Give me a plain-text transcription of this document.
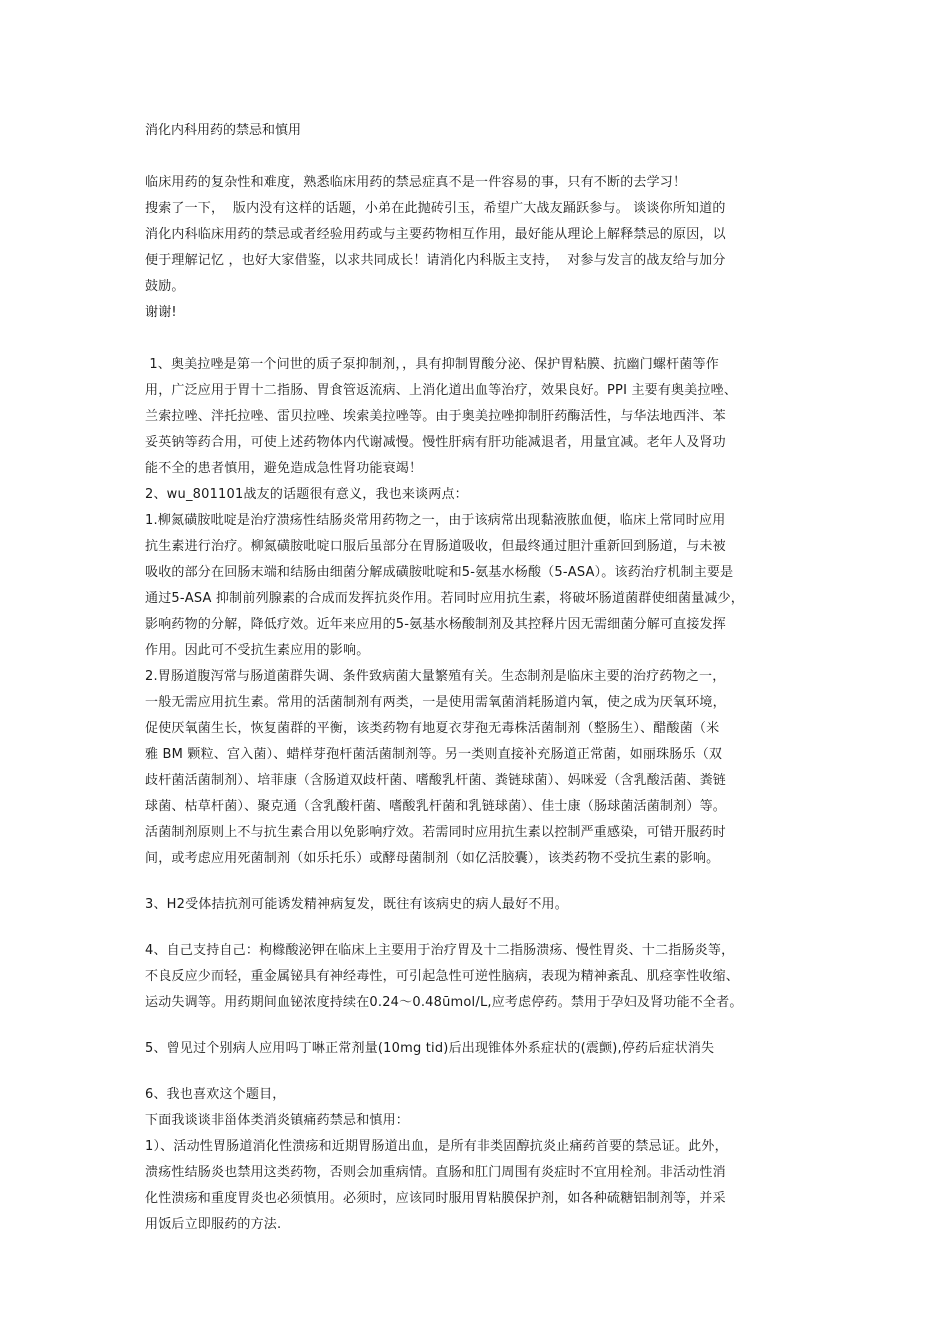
消化内科用药的禁忌和慎用

临床用药的复杂性和难度，熟悉临床用药的禁忌症真不是一件容易的事，只有不断的去学习！

搜索了一下，  版内没有这样的话题，小弟在此抛砖引玉，希望广大战友踊跃参与。 谈谈你所知道的

消化内科临床用药的禁忌或者经验用药或与主要药物相互作用，最好能从理论上解释禁忌的原因，以

便于理解记忆 ，也好大家借鉴，以求共同成长！请消化内科版主支持，  对参与发言的战友给与加分

鼓励。

谢谢!

1、奥美拉唑是第一个问世的质子泵抑制剂，，具有抑制胃酸分泌、保护胃粘膜、抗幽门螺杆菌等作

用，广泛应用于胃十二指肠、胃食管返流病、上消化道出血等治疗，效果良好。PPI 主要有奥美拉唑、

兰索拉唑、泮托拉唑、雷贝拉唑、埃索美拉唑等。由于奥美拉唑抑制肝药酶活性，与华法地西泮、苯

妥英钠等药合用，可使上述药物体内代谢减慢。慢性肝病有肝功能减退者，用量宜减。老年人及肾功

能不全的患者慎用，避免造成急性肾功能衰竭！

2、wu_801101战友的话题很有意义，我也来谈两点：

1.柳氮磺胺吡啶是治疗溃疡性结肠炎常用药物之一，由于该病常出现黏液脓血便，临床上常同时应用

抗生素进行治疗。柳氮磺胺吡啶口服后虽部分在胃肠道吸收，但最终通过胆汁重新回到肠道，与未被

吸收的部分在回肠末端和结肠由细菌分解成磺胺吡啶和5-氨基水杨酸（5-ASA）。该药治疗机制主要是

通过5-ASA 抑制前列腺素的合成而发挥抗炎作用。若同时应用抗生素，将破坏肠道菌群使细菌量减少，

影响药物的分解，降低疗效。近年来应用的5-氨基水杨酸制剂及其控释片因无需细菌分解可直接发挥

作用。因此可不受抗生素应用的影响。

2.胃肠道腹泻常与肠道菌群失调、条件致病菌大量繁殖有关。生态制剂是临床主要的治疗药物之一，

一般无需应用抗生素。常用的活菌制剂有两类，一是使用需氧菌消耗肠道内氧，使之成为厌氧环境，

促使厌氧菌生长，恢复菌群的平衡，该类药物有地夏衣芽孢无毒株活菌制剂（整肠生）、醋酸菌（米

雅 BM 颗粒、宫入菌）、蜡样芽孢杆菌活菌制剂等。另一类则直接补充肠道正常菌，如丽珠肠乐（双

歧杆菌活菌制剂）、培菲康（含肠道双歧杆菌、嗜酸乳杆菌、粪链球菌）、妈咪爱（含乳酸活菌、粪链

球菌、枯草杆菌）、聚克通（含乳酸杆菌、嗜酸乳杆菌和乳链球菌）、佳士康（肠球菌活菌制剂）等。

活菌制剂原则上不与抗生素合用以免影响疗效。若需同时应用抗生素以控制严重感染，可错开服药时

间，或考虑应用死菌制剂（如乐托乐）或酵母菌制剂（如亿活胶囊），该类药物不受抗生素的影响。

3、H2受体拮抗剂可能诱发精神病复发，既往有该病史的病人最好不用。

4、自己支持自己：枸橼酸泌钾在临床上主要用于治疗胃及十二指肠溃疡、慢性胃炎、十二指肠炎等，

不良反应少而轻，重金属铋具有神经毒性，可引起急性可逆性脑病，表现为精神紊乱、肌痉挛性收缩、

运动失调等。用药期间血铋浓度持续在0.24～0.48ūmol/L,应考虑停药。禁用于孕妇及肾功能不全者。

5、曾见过个别病人应用吗丁啉正常剂量(10mg tid)后出现锥体外系症状的(震颤),停药后症状消失

6、我也喜欢这个题目，

下面我谈谈非甾体类消炎镇痛药禁忌和慎用：

1）、活动性胃肠道消化性溃疡和近期胃肠道出血，是所有非类固醇抗炎止痛药首要的禁忌证。此外，

溃疡性结肠炎也禁用这类药物，否则会加重病情。直肠和肛门周围有炎症时不宜用栓剂。非活动性消

化性溃疡和重度胃炎也必须慎用。必须时，应该同时服用胃粘膜保护剂，如各种硫糖铝制剂等，并采

用饭后立即服药的方法.
